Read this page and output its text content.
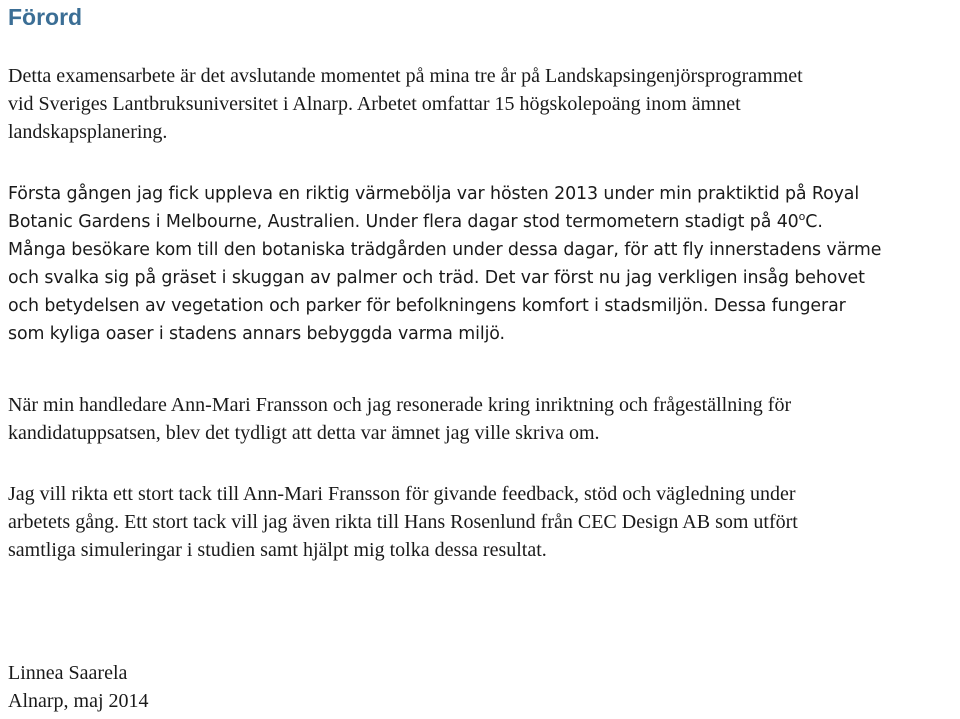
Förord

Detta examensarbete är det avslutande momentet på mina tre år på Landskapsingenjörsprogrammet
vid Sveriges Lantbruksuniversitet i Alnarp. Arbetet omfattar 15 högskolepoäng inom ämnet
landskapsplanering.

Första gången jag fick uppleva en riktig värmebölja var hösten 2013 under min praktiktid på Royal
Botanic Gardens i Melbourne, Australien. Under flera dagar stod termometern stadigt på 40$^o$C.
Många besökare kom till den botaniska trädgården under dessa dagar, för att fly innerstadens värme
och svalka sig på gräset i skuggan av palmer och träd. Det var först nu jag verkligen insåg behovet
och betydelsen av vegetation och parker för befolkningens komfort i stadsmiljön. Dessa fungerar
som kyliga oaser i stadens annars bebyggda varma miljö.

När min handledare Ann-Mari Fransson och jag resonerade kring inriktning och frågeställning för
kandidatuppsatsen, blev det tydligt att detta var ämnet jag ville skriva om.

Jag vill rikta ett stort tack till Ann-Mari Fransson för givande feedback, stöd och vägledning under
arbetets gång. Ett stort tack vill jag även rikta till Hans Rosenlund från CEC Design AB som utfört
samtliga simuleringar i studien samt hjälpt mig tolka dessa resultat.

Linnea Saarela
Alnarp, maj 2014
